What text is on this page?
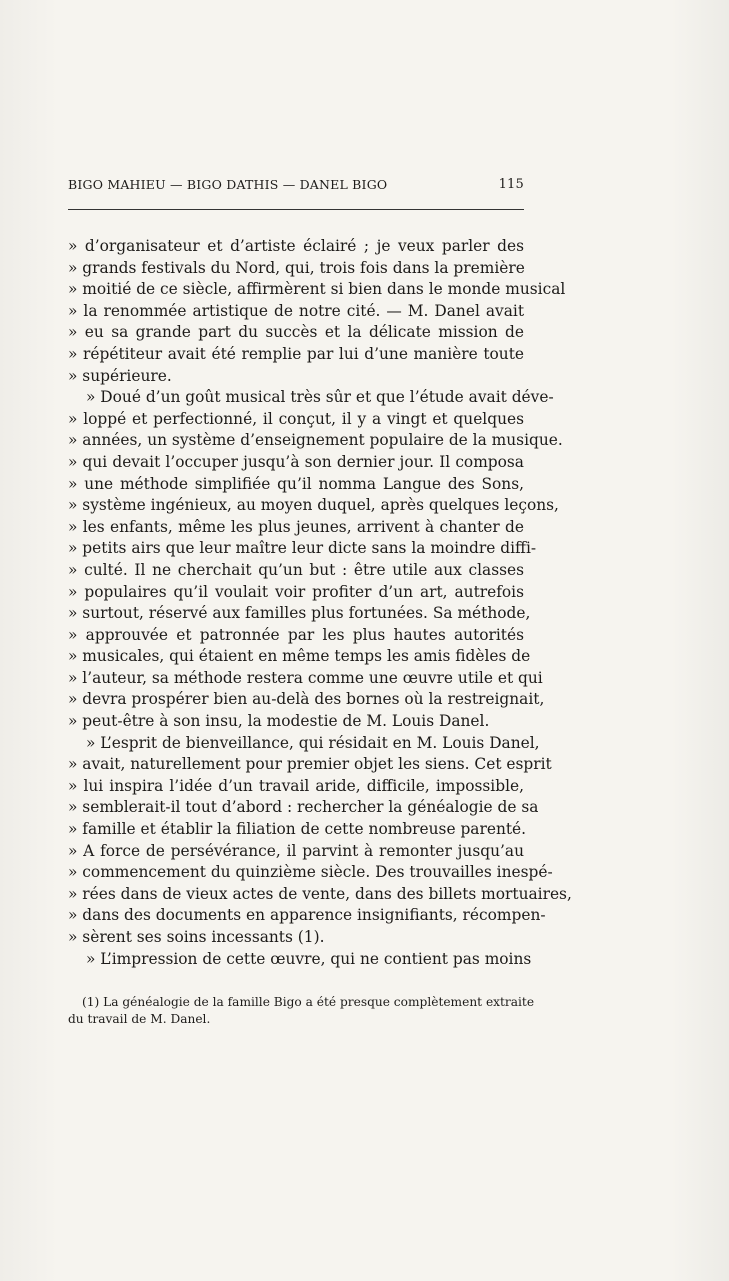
BIGO MAHIEU — BIGO DATHIS — DANEL BIGO	115
» d’organisateur et d’artiste éclairé ; je veux parler des
» grands festivals du Nord, qui, trois fois dans la première
» moitié de ce siècle, affirmèrent si bien dans le monde musical
» la renommée artistique de notre cité. — M. Danel avait
» eu sa grande part du succès et la délicate mission de
» répétiteur avait été remplie par lui d’une manière toute
» supérieure.
» Doué d’un goût musical très sûr et que l’étude avait déve-
» loppé et perfectionné, il conçut, il y a vingt et quelques
» années, un système d’enseignement populaire de la musique.
» qui devait l’occuper jusqu’à son dernier jour. Il composa
» une méthode simplifiée qu’il nomma Langue des Sons,
» système ingénieux, au moyen duquel, après quelques leçons,
» les enfants, même les plus jeunes, arrivent à chanter de
» petits airs que leur maître leur dicte sans la moindre diffi-
» culté. Il ne cherchait qu’un but : être utile aux classes
» populaires qu’il voulait voir profiter d’un art, autrefois
» surtout, réservé aux familles plus fortunées. Sa méthode,
» approuvée et patronnée par les plus hautes autorités
» musicales, qui étaient en même temps les amis fidèles de
» l’auteur, sa méthode restera comme une œuvre utile et qui
» devra prospérer bien au-delà des bornes où la restreignait,
» peut-être à son insu, la modestie de M. Louis Danel.
» L’esprit de bienveillance, qui résidait en M. Louis Danel,
» avait, naturellement pour premier objet les siens. Cet esprit
» lui inspira l’idée d’un travail aride, difficile, impossible,
» semblerait-il tout d’abord : rechercher la généalogie de sa
» famille et établir la filiation de cette nombreuse parenté.
» A force de persévérance, il parvint à remonter jusqu’au
» commencement du quinzième siècle. Des trouvailles inespé-
» rées dans de vieux actes de vente, dans des billets mortuaires,
» dans des documents en apparence insignifiants, récompen-
» sèrent ses soins incessants (1).
» L’impression de cette œuvre, qui ne contient pas moins
(1) La généalogie de la famille Bigo a été presque complètement extraite
du travail de M. Danel.
